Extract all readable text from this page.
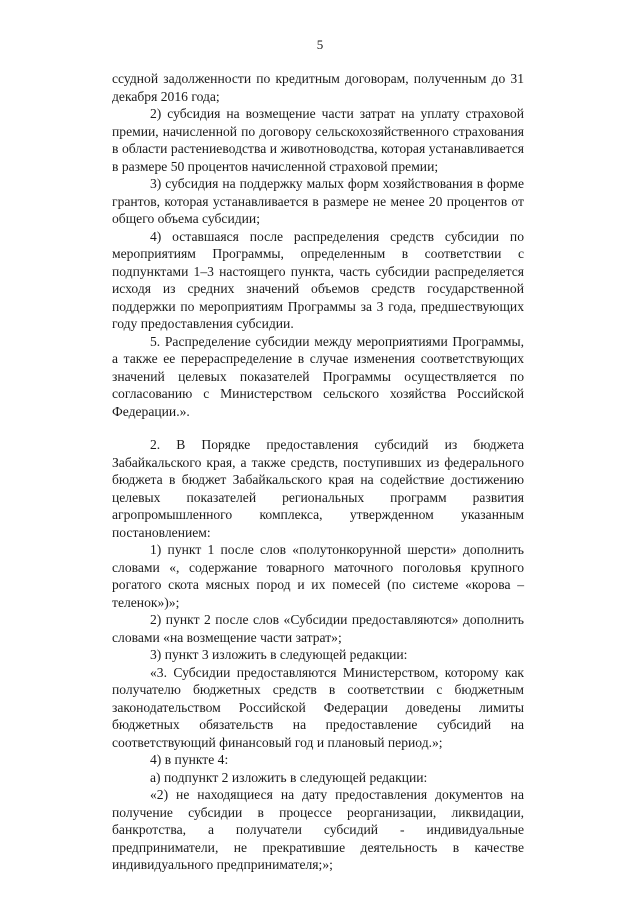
5

ссудной задолженности по кредитным договорам, полученным до 31 декабря 2016 года;

2) субсидия на возмещение части затрат на уплату страховой премии, начисленной по договору сельскохозяйственного страхования в области растениеводства и животноводства, которая устанавливается в размере 50 процентов начисленной страховой премии;

3) субсидия на поддержку малых форм хозяйствования в форме грантов, которая устанавливается в размере не менее 20 процентов от общего объема субсидии;

4) оставшаяся после распределения средств субсидии по мероприятиям Программы, определенным в соответствии с подпунктами 1–3 настоящего пункта, часть субсидии распределяется исходя из средних значений объемов средств государственной поддержки по мероприятиям Программы за 3 года, предшествующих году предоставления субсидии.

5. Распределение субсидии между мероприятиями Программы, а также ее перераспределение в случае изменения соответствующих значений целевых показателей Программы осуществляется по согласованию с Министерством сельского хозяйства Российской Федерации.».

2. В Порядке предоставления субсидий из бюджета Забайкальского края, а также средств, поступивших из федерального бюджета в бюджет Забайкальского края на содействие достижению целевых показателей региональных программ развития агропромышленного комплекса, утвержденном указанным постановлением:

1) пункт 1 после слов «полутонкорунной шерсти» дополнить словами «, содержание товарного маточного поголовья крупного рогатого скота мясных пород и их помесей (по системе «корова – теленок»)»;

2) пункт 2 после слов «Субсидии предоставляются» дополнить словами «на возмещение части затрат»;

3) пункт 3 изложить в следующей редакции:

«3. Субсидии предоставляются Министерством, которому как получателю бюджетных средств в соответствии с бюджетным законодательством Российской Федерации доведены лимиты бюджетных обязательств на предоставление субсидий на соответствующий финансовый год и плановый период.»;

4) в пункте 4:

а) подпункт 2 изложить в следующей редакции:

«2) не находящиеся на дату предоставления документов на получение субсидии в процессе реорганизации, ликвидации, банкротства, а получатели субсидий - индивидуальные предприниматели, не прекратившие деятельность в качестве индивидуального предпринимателя;»;
